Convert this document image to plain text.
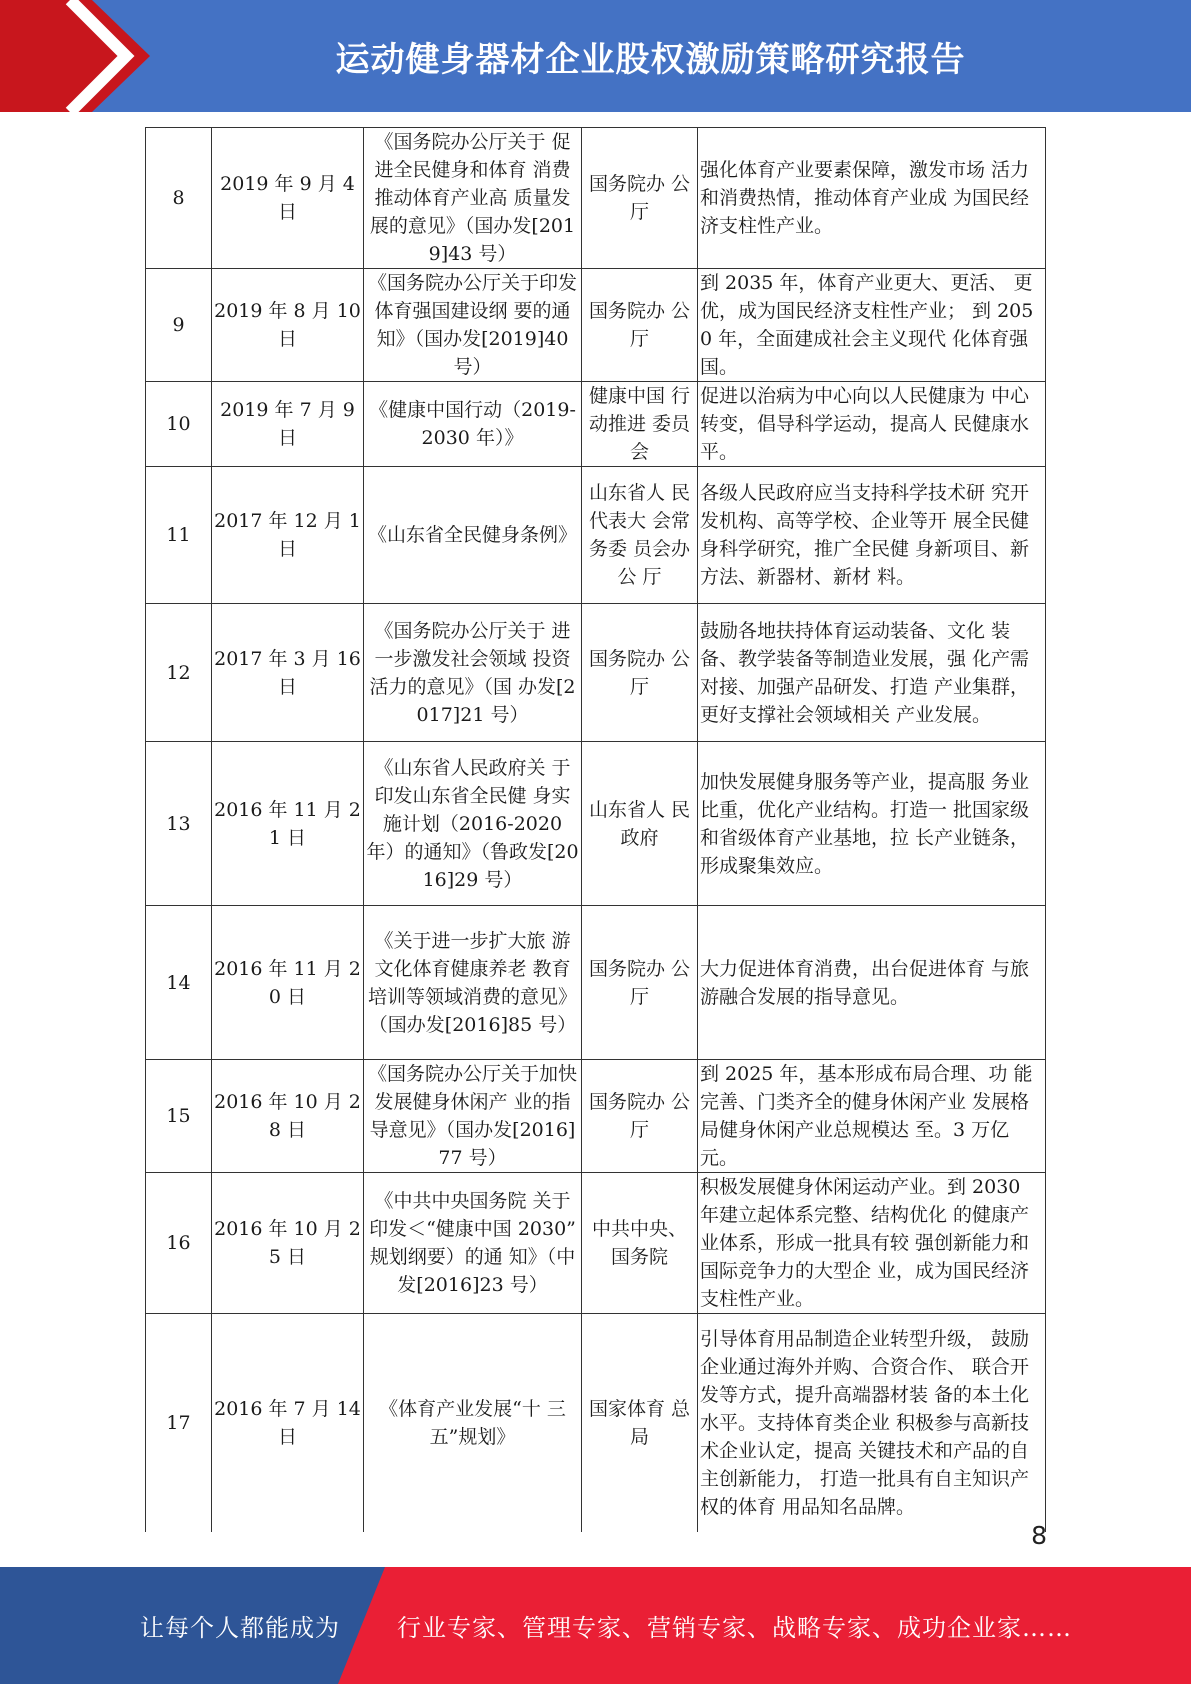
运动健身器材企业股权激励策略研究报告
8	2019 年 9 月 4 日	《国务院办公厅关于 促进全民健身和体育 消费推动体育产业高 质量发展的意见》（国办发[2019]43 号）	国务院办 公厅	强化体育产业要素保障，激发市场 活力和消费热情，推动体育产业成 为国民经济支柱性产业。
9	2019 年 8 月 10 日	《国务院办公厅关于印发体育强国建设纲 要的通知》（国办发[2019]40 号）	国务院办 公厅	到 2035 年，体育产业更大、更活、 更优，成为国民经济支柱性产业； 到 2050 年，全面建成社会主义现代 化体育强国。
10	2019 年 7 月 9 日	《健康中国行动（2019-2030 年）》	健康中国 行动推进 委员会	促进以治病为中心向以人民健康为 中心转变，倡导科学运动，提高人 民健康水平。
11	2017 年 12 月 1 日	《山东省全民健身条例》	山东省人 民代表大 会常务委 员会办公 厅	各级人民政府应当支持科学技术研 究开发机构、高等学校、企业等开 展全民健身科学研究，推广全民健 身新项目、新方法、新器材、新材 料。
12	2017 年 3 月 16 日	《国务院办公厅关于 进一步激发社会领域 投资活力的意见》（国 办发[2017]21 号）	国务院办 公厅	鼓励各地扶持体育运动装备、文化 装备、教学装备等制造业发展，强 化产需对接、加强产品研发、打造 产业集群，更好支撑社会领域相关 产业发展。
13	2016 年 11 月 21 日	《山东省人民政府关 于印发山东省全民健 身实施计划（2016-2020 年）的通知》（鲁政发[2016]29 号）	山东省人 民政府	加快发展健身服务等产业，提高服 务业比重，优化产业结构。打造一 批国家级和省级体育产业基地，拉 长产业链条，形成聚集效应。
14	2016 年 11 月 20 日	《关于进一步扩大旅 游文化体育健康养老 教育培训等领域消费的意见》（国办发[2016]85 号）	国务院办 公厅	大力促进体育消费，出台促进体育 与旅游融合发展的指导意见。
15	2016 年 10 月 28 日	《国务院办公厅关于加快发展健身休闲产 业的指导意见》（国办发[2016]77 号）	国务院办 公厅	到 2025 年，基本形成布局合理、功 能完善、门类齐全的健身休闲产业 发展格局健身休闲产业总规模达 至。3 万亿元。
16	2016 年 10 月 25 日	《中共中央国务院 关于印发＜“健康中国 2030” 规划纲要）的通 知》（中发[2016]23 号）	中共中央、国务院	积极发展健身休闲运动产业。到 2030 年建立起体系完整、结构优化 的健康产业体系，形成一批具有较 强创新能力和国际竞争力的大型企 业，成为国民经济支柱性产业。
17	2016 年 7 月 14 日	《体育产业发展“十 三五”规划》	国家体育 总局	引导体育用品制造企业转型升级， 鼓励企业通过海外并购、合资合作、 联合开发等方式，提升高端器材装 备的本土化水平。支持体育类企业 积极参与高新技术企业认定，提高 关键技术和产品的自主创新能力， 打造一批具有自主知识产权的体育 用品知名品牌。
8
让每个人都能成为 行业专家、管理专家、营销专家、战略专家、成功企业家……
